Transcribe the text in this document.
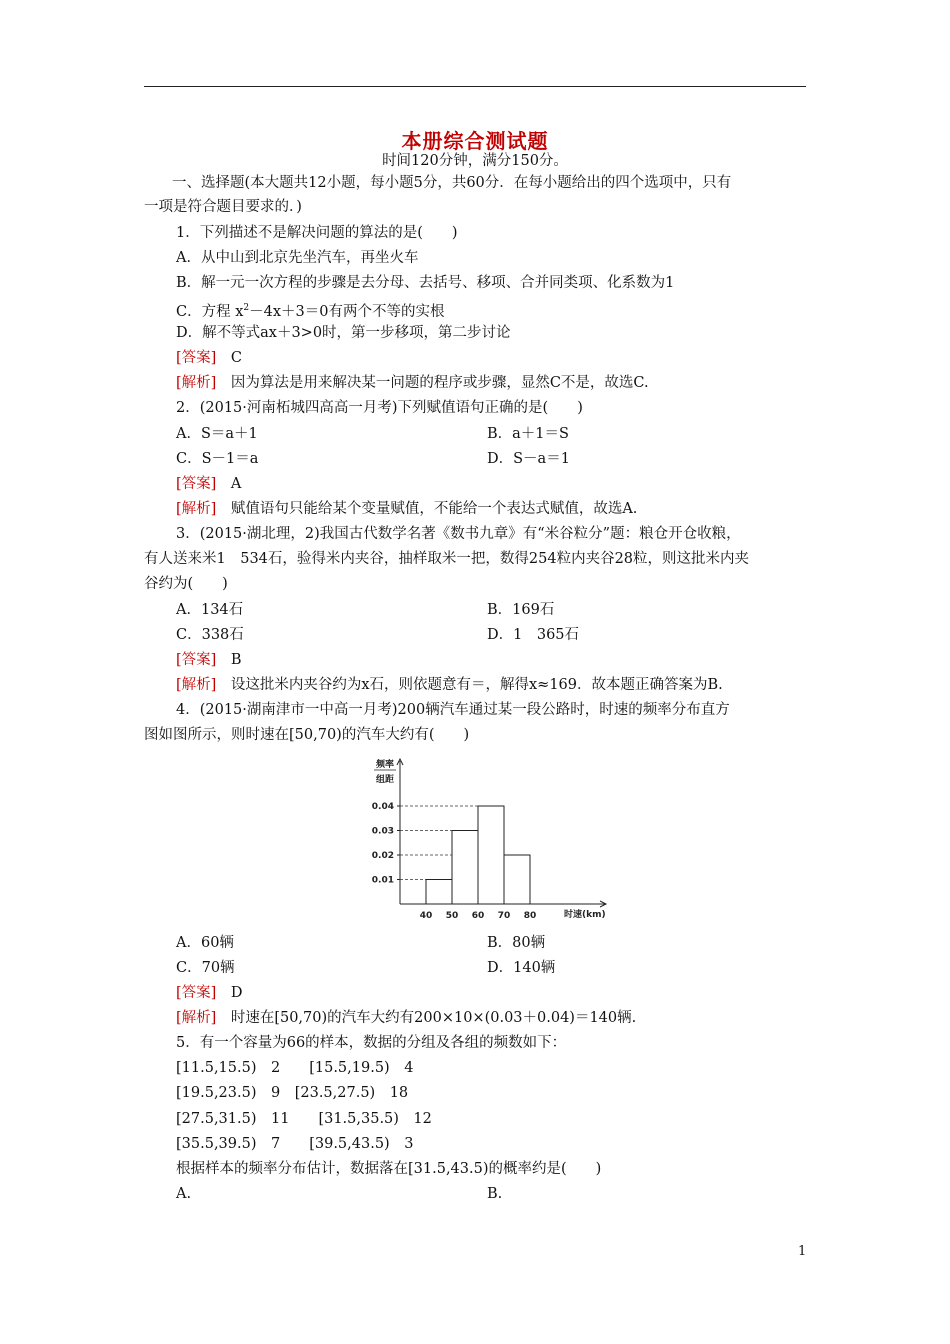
本册综合测试题
时间120分钟，满分150分。
一、选择题(本大题共12小题，每小题5分，共60分．在每小题给出的四个选项中，只有
一项是符合题目要求的．)
1．下列描述不是解决问题的算法的是(　　)
A．从中山到北京先坐汽车，再坐火车
B．解一元一次方程的步骤是去分母、去括号、移项、合并同类项、化系数为1
C．方程 $x^2-4x+3=0$有两个不等的实根
D．解不等式ax＋3>0时，第一步移项，第二步讨论
[答案]　 C
[解析]　 因为算法是用来解决某一问题的程序或步骤，显然C不是，故选C.
2．(2015·河南柘城四高高一月考)下列赋值语句正确的是(　　)
A．S＝a＋1	B．a＋1＝S
C．S－1＝a	D．S－a＝1
[答案]　 A
[解析]　 赋值语句只能给某个变量赋值，不能给一个表达式赋值，故选A.
3．(2015·湖北理，2)我国古代数学名著《数书九章》有“米谷粒分”题：粮仓开仓收粮，
有人送来米1　534石，验得米内夹谷，抽样取米一把，数得254粒内夹谷28粒，则这批米内夹
谷约为(　　)
A．134石	B．169石
C．338石	D．1　365石
[答案]　 B
[解析]　 设这批米内夹谷约为x石，则依题意有＝，解得x≈169．故本题正确答案为B.
4．(2015·湖南津市一中高一月考)200辆汽车通过某一段公路时，时速的频率分布直方
图如图所示，则时速在[50,70)的汽车大约有(　　)
频率
组距
0.01
0.02
0.03
0.04
40 50 60 70 80	时速(km)
A．60辆	B．80辆
C．70辆	D．140辆
[答案]　 D
[解析]　 时速在[50,70)的汽车大约有200×10×(0.03＋0.04)＝140辆.
5．有一个容量为66的样本，数据的分组及各组的频数如下：
[11.5,15.5)　2　　[15.5,19.5)　4
[19.5,23.5)　9　[23.5,27.5)　18
[27.5,31.5)　11　　[31.5,35.5)　12
[35.5,39.5)　7　　[39.5,43.5)　3
根据样本的频率分布估计，数据落在[31.5,43.5)的概率约是(　　)
A.	B.
1
